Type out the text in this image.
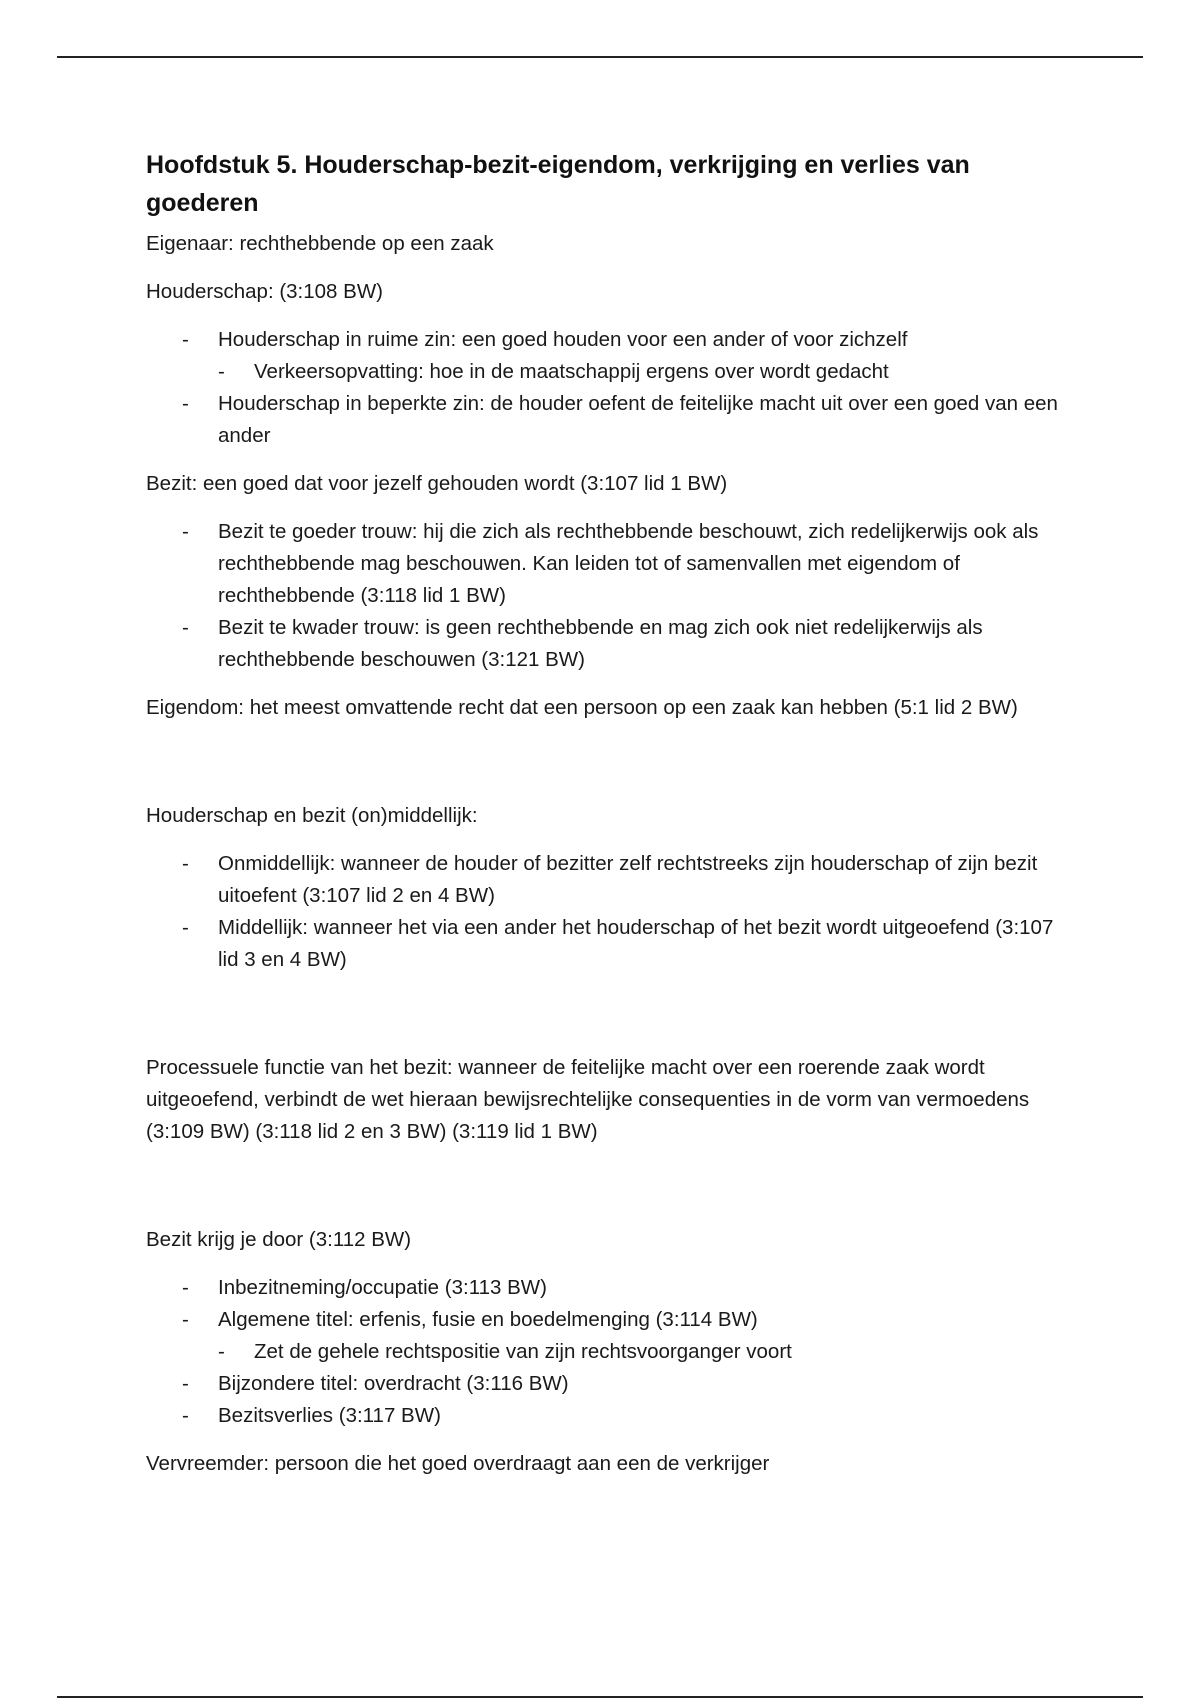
Hoofdstuk 5. Houderschap-bezit-eigendom, verkrijging en verlies van goederen

Eigenaar: rechthebbende op een zaak

Houderschap: (3:108 BW)

- Houderschap in ruime zin: een goed houden voor een ander of voor zichzelf
- Verkeersopvatting: hoe in de maatschappij ergens over wordt gedacht
- Houderschap in beperkte zin: de houder oefent de feitelijke macht uit over een goed van een ander

Bezit: een goed dat voor jezelf gehouden wordt (3:107 lid 1 BW)

- Bezit te goeder trouw: hij die zich als rechthebbende beschouwt, zich redelijkerwijs ook als rechthebbende mag beschouwen. Kan leiden tot of samenvallen met eigendom of rechthebbende (3:118 lid 1 BW)
- Bezit te kwader trouw: is geen rechthebbende en mag zich ook niet redelijkerwijs als rechthebbende beschouwen (3:121 BW)

Eigendom: het meest omvattende recht dat een persoon op een zaak kan hebben (5:1 lid 2 BW)

Houderschap en bezit (on)middellijk:

- Onmiddellijk: wanneer de houder of bezitter zelf rechtstreeks zijn houderschap of zijn bezit uitoefent (3:107 lid 2 en 4 BW)
- Middellijk: wanneer het via een ander het houderschap of het bezit wordt uitgeoefend (3:107 lid 3 en 4 BW)

Processuele functie van het bezit: wanneer de feitelijke macht over een roerende zaak wordt uitgeoefend, verbindt de wet hieraan bewijsrechtelijke consequenties in de vorm van vermoedens (3:109 BW) (3:118 lid 2 en 3 BW) (3:119 lid 1 BW)

Bezit krijg je door (3:112 BW)

- Inbezitneming/occupatie (3:113 BW)
- Algemene titel: erfenis, fusie en boedelmenging (3:114 BW)
- Zet de gehele rechtspositie van zijn rechtsvoorganger voort
- Bijzondere titel: overdracht (3:116 BW)
- Bezitsverlies (3:117 BW)

Vervreemder: persoon die het goed overdraagt aan een de verkrijger
